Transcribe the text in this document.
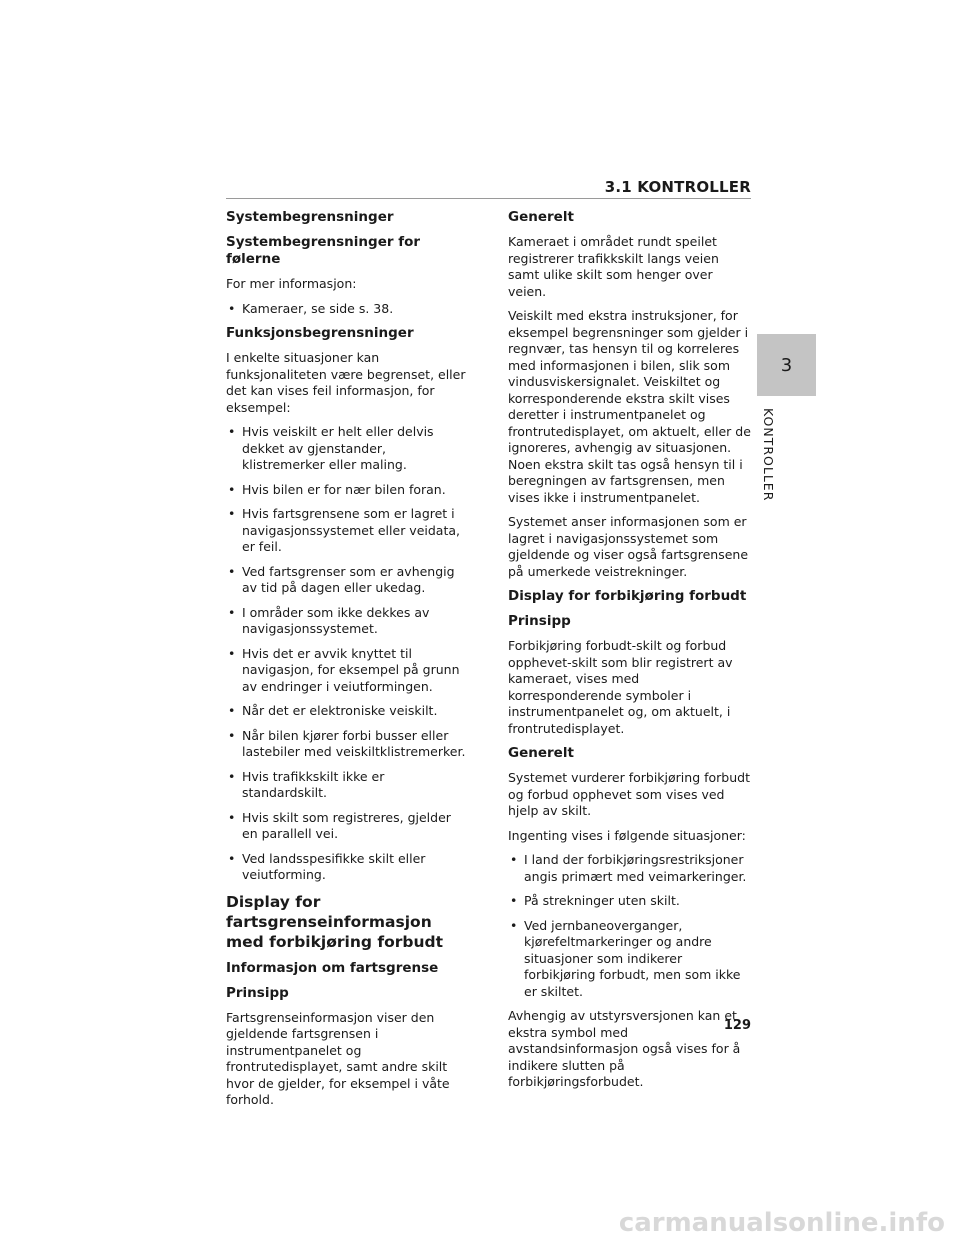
3.1 KONTROLLER
Systembegrensninger
Systembegrensninger for følerne

For mer informasjon:

• Kameraer, se side s. 38.
Funksjonsbegrensninger

I enkelte situasjoner kan funksjonaliteten være begrenset, eller det kan vises feil informasjon, for eksempel:

• Hvis veiskilt er helt eller delvis dekket av gjenstander, klistremerker eller maling.
• Hvis bilen er for nær bilen foran.
• Hvis fartsgrensene som er lagret i navigasjonssystemet eller veidata, er feil.
• Ved fartsgrenser som er avhengig av tid på dagen eller ukedag.
• I områder som ikke dekkes av navigasjonssystemet.
• Hvis det er avvik knyttet til navigasjon, for eksempel på grunn av endringer i veiutformingen.
• Når det er elektroniske veiskilt.
• Når bilen kjører forbi busser eller lastebiler med veiskiltklistremerker.
• Hvis trafikkskilt ikke er standardskilt.
• Hvis skilt som registreres, gjelder en parallell vei.
• Ved landsspesifikke skilt eller veiutforming.
Display for fartsgrenseinformasjon med forbikjøring forbudt
Informasjon om fartsgrense
Prinsipp

Fartsgrenseinformasjon viser den gjeldende fartsgrensen i instrumentpanelet og frontrutedisplayet, samt andre skilt hvor de gjelder, for eksempel i våte forhold.

Generelt

Kameraet i området rundt speilet registrerer trafikkskilt langs veien samt ulike skilt som henger over veien.

Veiskilt med ekstra instruksjoner, for eksempel begrensninger som gjelder i regnvær, tas hensyn til og korreleres med informasjonen i bilen, slik som vindusviskersignalet. Veiskiltet og korresponderende ekstra skilt vises deretter i instrumentpanelet og frontrutedisplayet, om aktuelt, eller de ignoreres, avhengig av situasjonen. Noen ekstra skilt tas også hensyn til i beregningen av fartsgrensen, men vises ikke i instrumentpanelet.

Systemet anser informasjonen som er lagret i navigasjonssystemet som gjeldende og viser også fartsgrensene på umerkede veistrekninger.

Display for forbikjøring forbudt
Prinsipp

Forbikjøring forbudt-skilt og forbud opphevet-skilt som blir registrert av kameraet, vises med korresponderende symboler i instrumentpanelet og, om aktuelt, i frontrutedisplayet.

Generelt

Systemet vurderer forbikjøring forbudt og forbud opphevet som vises ved hjelp av skilt.

Ingenting vises i følgende situasjoner:

• I land der forbikjøringsrestriksjoner angis primært med veimarkeringer.
• På strekninger uten skilt.
• Ved jernbaneoverganger, kjørefeltmarkeringer og andre situasjoner som indikerer forbikjøring forbudt, men som ikke er skiltet.

Avhengig av utstyrsversjonen kan et ekstra symbol med avstandsinformasjon også vises for å indikere slutten på forbikjøringsforbudet.

3
KONTROLLER
129
carmanualsonline.info
